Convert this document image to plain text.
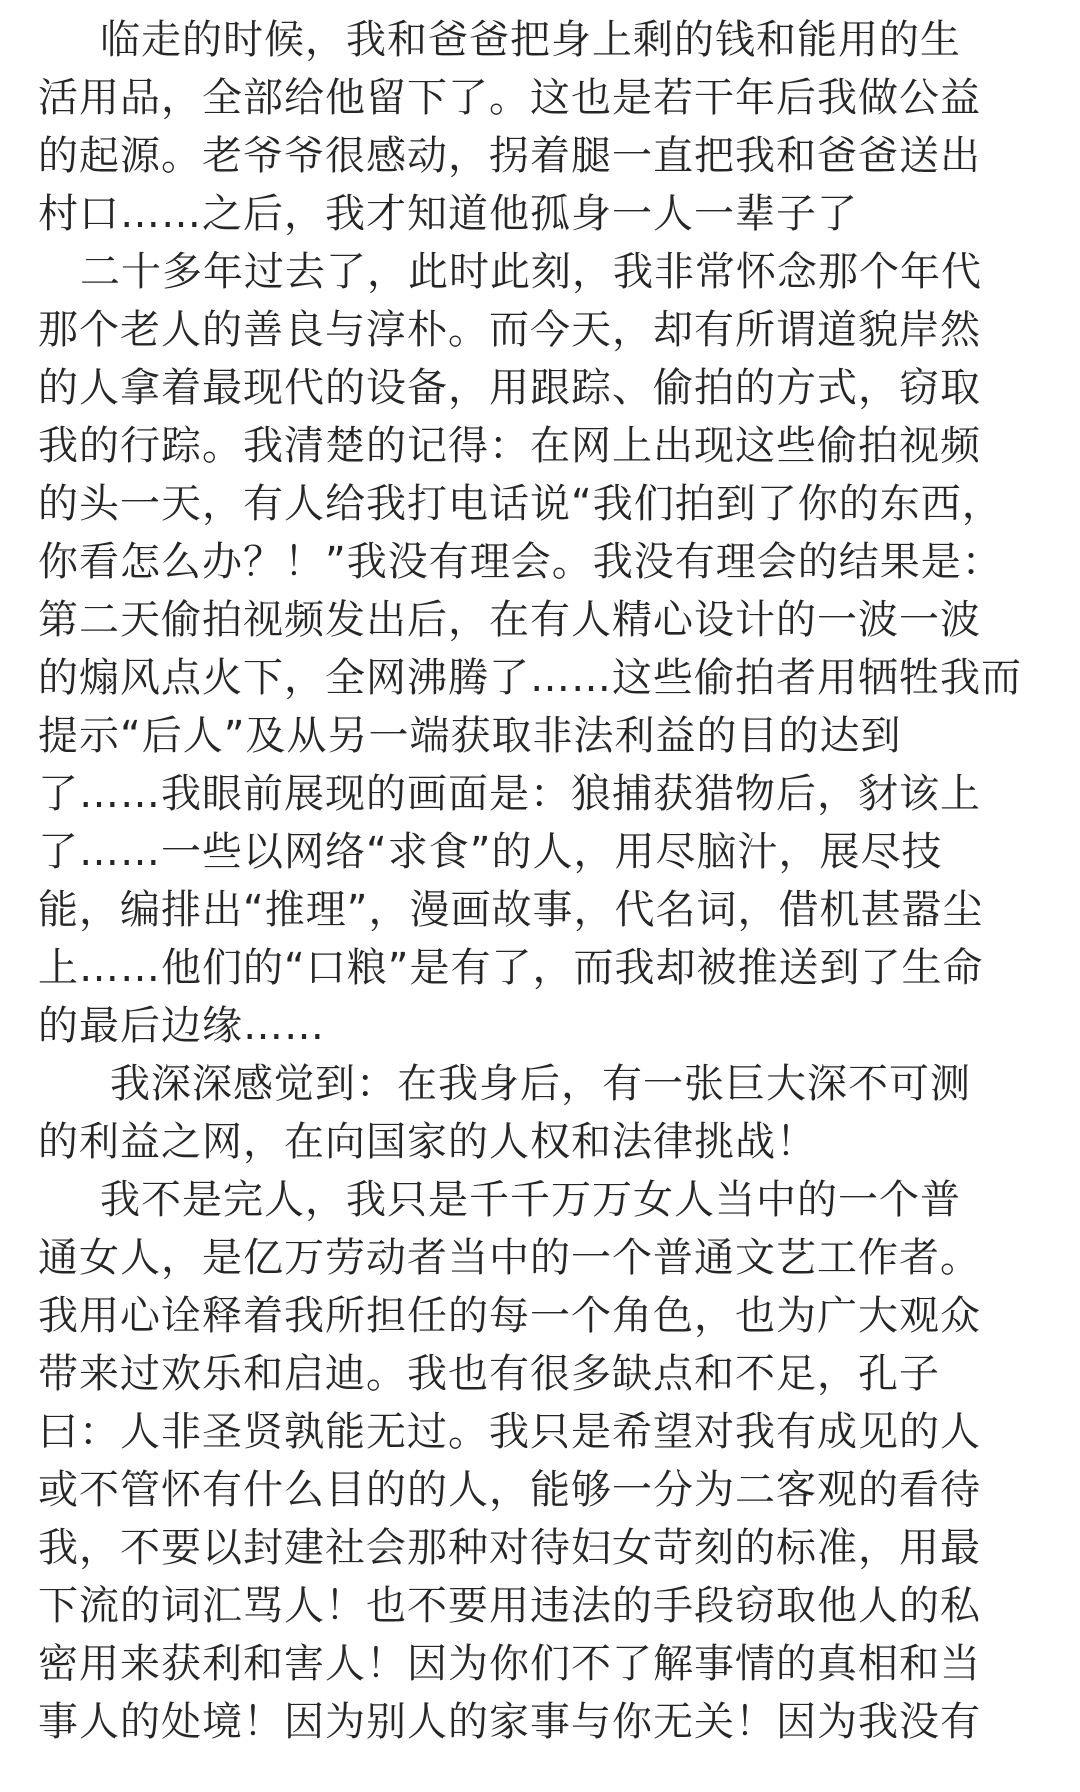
临走的时候，我和爸爸把身上剩的钱和能用的生
活用品，全部给他留下了。这也是若干年后我做公益
的起源。老爷爷很感动，拐着腿一直把我和爸爸送出
村口……之后，我才知道他孤身一人一辈子了
二十多年过去了，此时此刻，我非常怀念那个年代
那个老人的善良与淳朴。而今天，却有所谓道貌岸然
的人拿着最现代的设备，用跟踪、偷拍的方式，窃取
我的行踪。我清楚的记得：在网上出现这些偷拍视频
的头一天，有人给我打电话说“我们拍到了你的东西，
你看怎么办？！”我没有理会。我没有理会的结果是：
第二天偷拍视频发出后，在有人精心设计的一波一波
的煽风点火下，全网沸腾了……这些偷拍者用牺牲我而
提示“后人”及从另一端获取非法利益的目的达到
了……我眼前展现的画面是：狼捕获猎物后，豺该上
了……一些以网络“求食”的人，用尽脑汁，展尽技
能，编排出“推理”，漫画故事，代名词，借机甚嚣尘
上……他们的“口粮”是有了，而我却被推送到了生命
的最后边缘……
我深深感觉到：在我身后，有一张巨大深不可测
的利益之网，在向国家的人权和法律挑战！
我不是完人，我只是千千万万女人当中的一个普
通女人，是亿万劳动者当中的一个普通文艺工作者。
我用心诠释着我所担任的每一个角色，也为广大观众
带来过欢乐和启迪。我也有很多缺点和不足，孔子
曰：人非圣贤孰能无过。我只是希望对我有成见的人
或不管怀有什么目的的人，能够一分为二客观的看待
我，不要以封建社会那种对待妇女苛刻的标准，用最
下流的词汇骂人！也不要用违法的手段窃取他人的私
密用来获利和害人！因为你们不了解事情的真相和当
事人的处境！因为别人的家事与你无关！因为我没有
